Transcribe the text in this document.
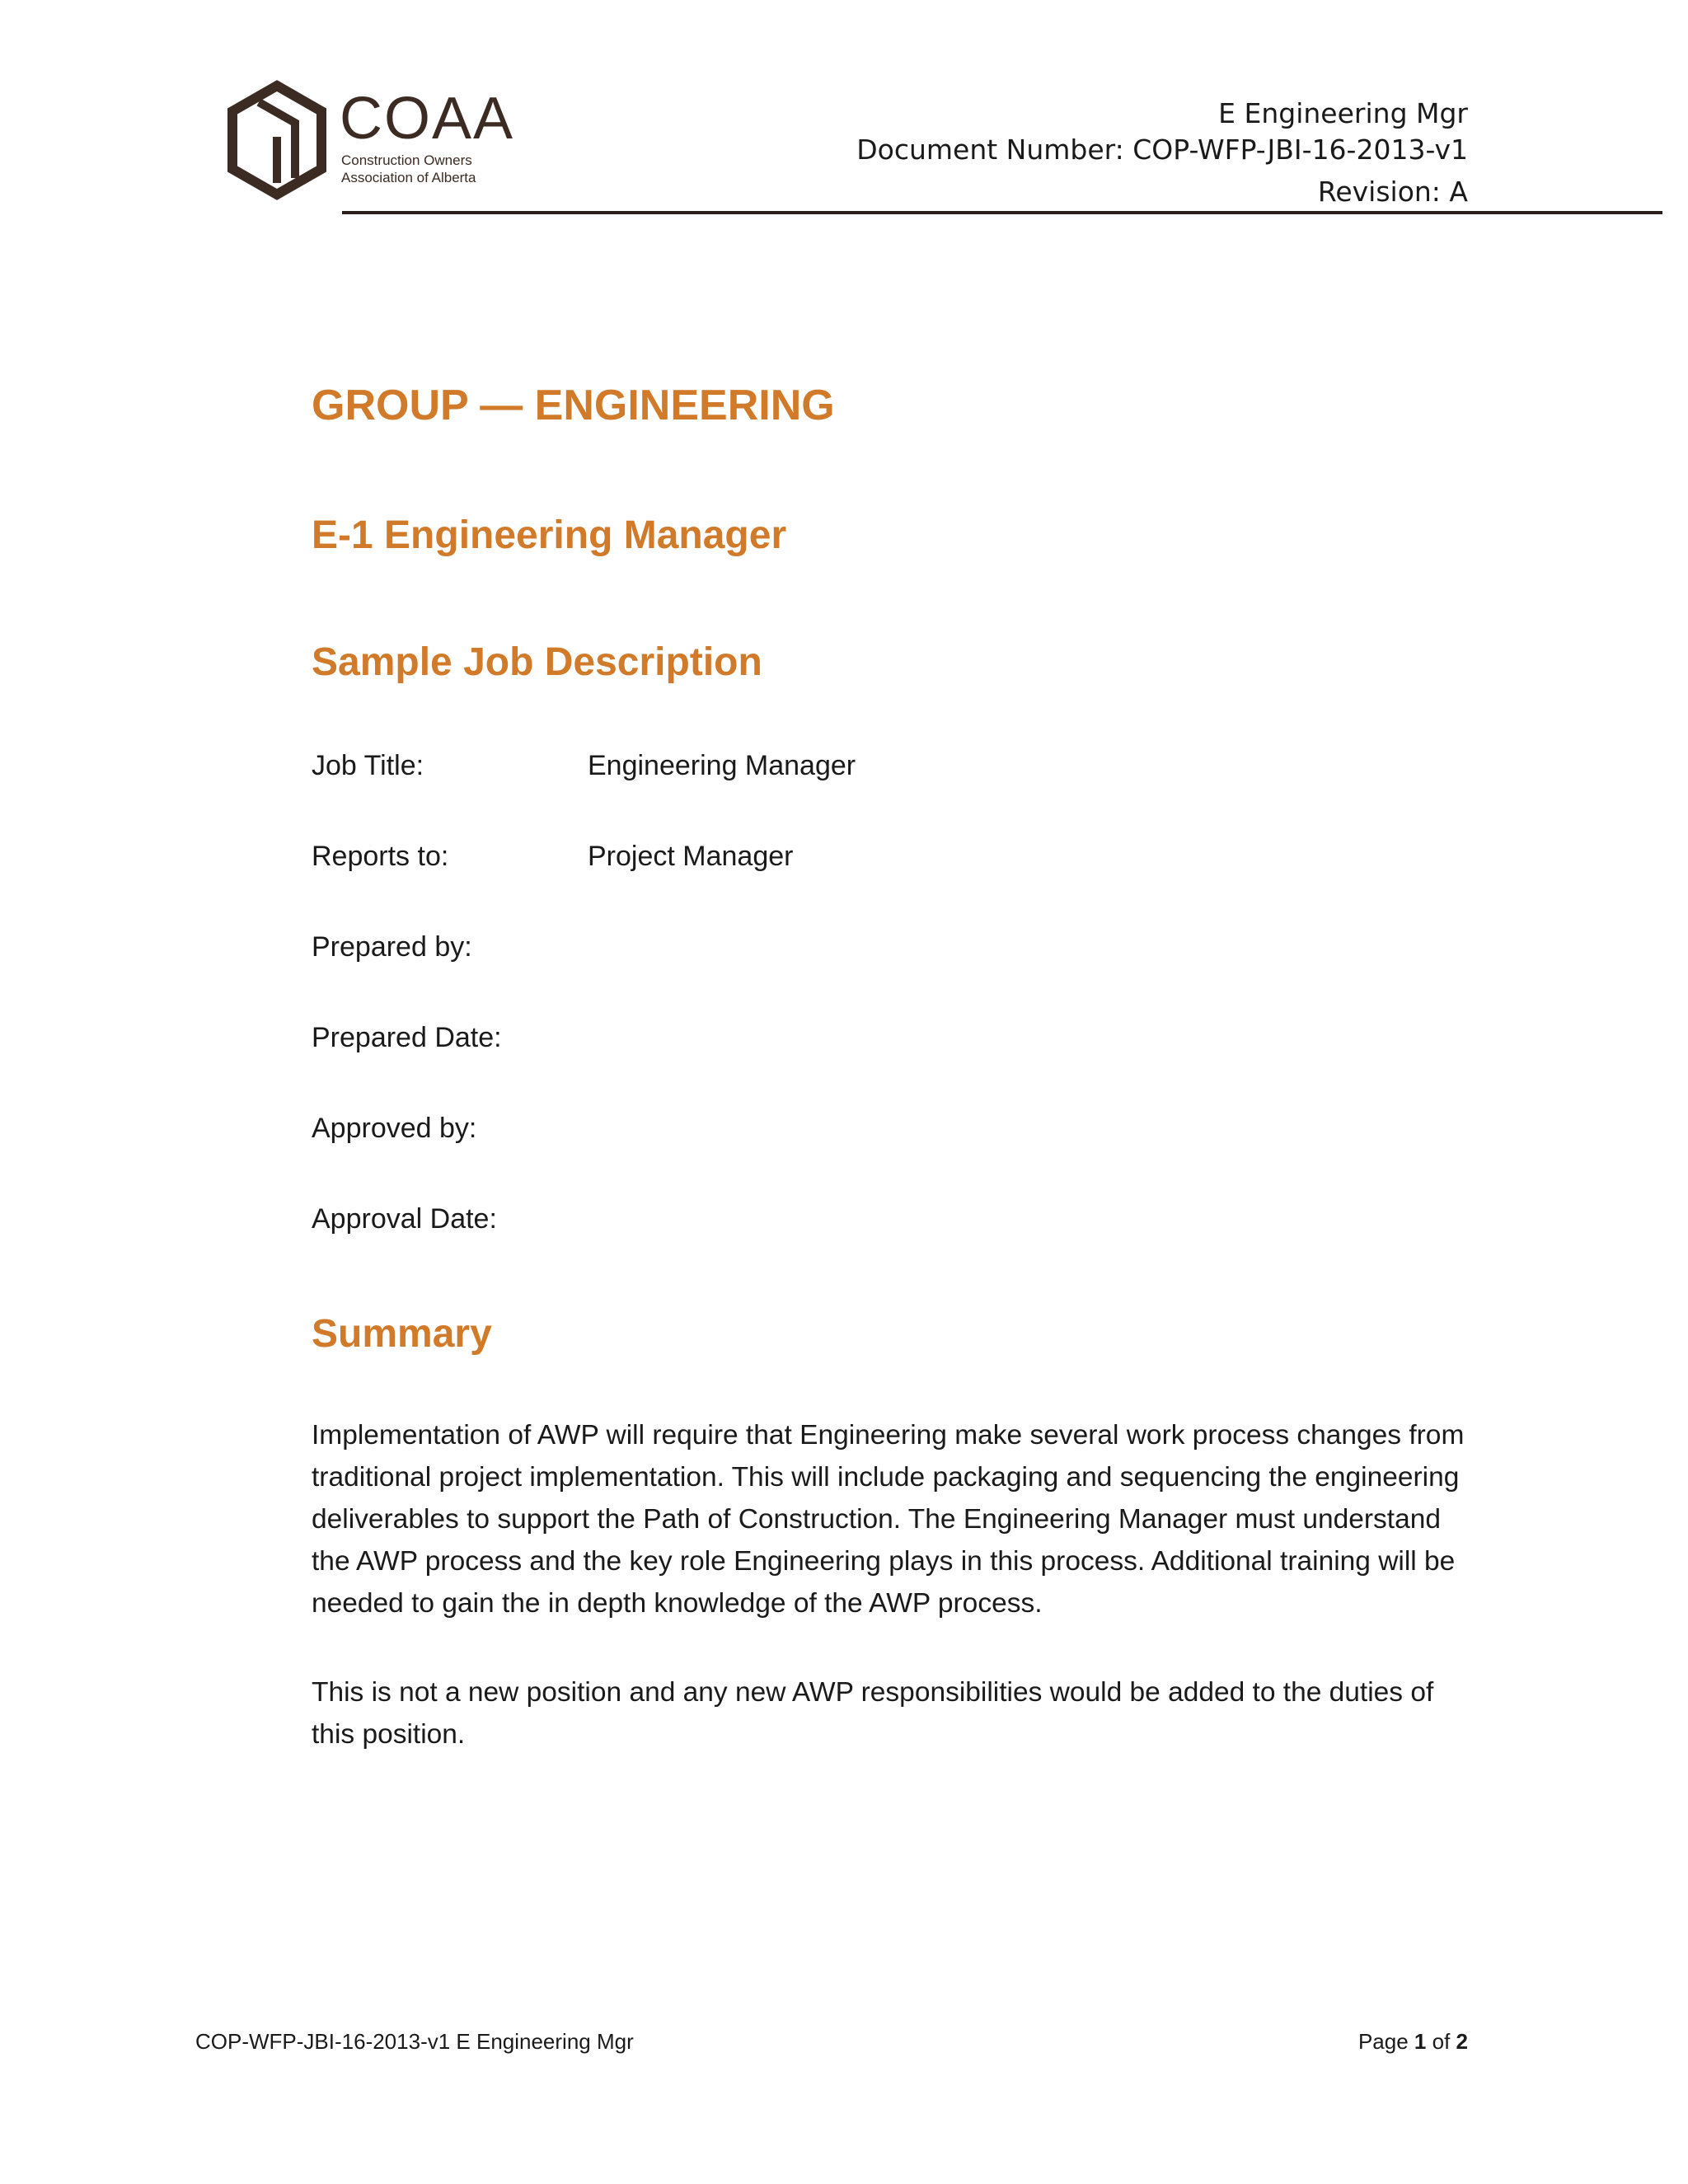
COAA
Construction Owners
Association of Alberta
E Engineering Mgr
Document Number: COP-WFP-JBI-16-2013-v1
Revision: A
GROUP — ENGINEERING
E-1 Engineering Manager
Sample Job Description
Job Title:	Engineering Manager
Reports to:	Project Manager
Prepared by:
Prepared Date:
Approved by:
Approval Date:
Summary
Implementation of AWP will require that Engineering make several work process changes from traditional project implementation. This will include packaging and sequencing the engineering deliverables to support the Path of Construction. The Engineering Manager must understand the AWP process and the key role Engineering plays in this process. Additional training will be needed to gain the in depth knowledge of the AWP process.
This is not a new position and any new AWP responsibilities would be added to the duties of this position.
COP-WFP-JBI-16-2013-v1 E Engineering Mgr	Page 1 of 2
